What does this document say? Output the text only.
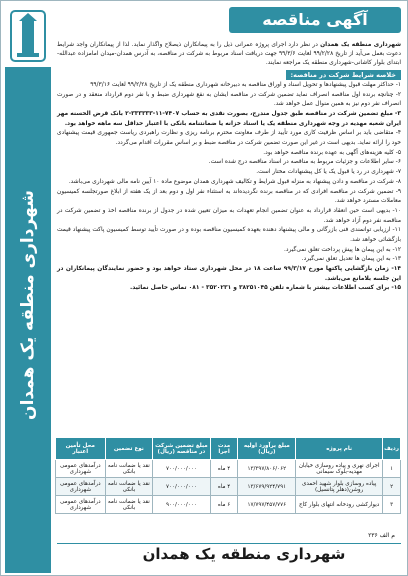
شهرداری منطقه یک همدان
آگهی مناقصه

شهرداری منطقه یک همدان در نظر دارد اجرای پروژه عمرانی ذیل را به پیمانکاران ذیصلاح واگذار نماید. لذا از پیمانکاران واجد شرایط دعوت بعمل می‌آید از تاریخ ۹۹/۲/۲۸ لغایت ۹۹/۳/۶ جهت دریافت اسناد مربوط به شرکت در مناقصه، به آدرس همدان-میدان امامزاده عبدالله-ابتدای بلوار کاشانی-شهرداری منطقه یک مراجعه نمایند.

خلاصه شرایط شرکت در مناقصه:

۱- حداکثر مهلت قبول پیشنهادها و تحویل اسناد و اوراق مناقصه به دبیرخانه شهرداری منطقه یک از تاریخ ۹۹/۲/۲۸ لغایت ۹۹/۳/۱۶

۲- چنانچه برنده اول مناقصه انصراف نماید تضمین شرکت در مناقصه ایشان به نفع شهرداری ضبط و با نفر دوم قرارداد منعقد و در صورت انصراف نفر دوم نیز به همین منوال عمل خواهد شد.

۳- مبلغ تضمین شرکت در مناقصه طبق جدول مندرج، بصورت نقدی به حساب ۷۴۰۷-۱۱-۳۳۳۳۳۳-۲ بانک قرض الحسنه مهر ایران شعبه مهدیه در وجه شهرداری منطقه یک یا اسناد خزانه یا ضمانتنامه بانکی با اعتبار حداقل سه ماهه خواهد بود.

۴- متقاضی باید بر اساس ظرفیت کاری مورد تأیید از طرف معاونت محترم برنامه ریزی و نظارت راهبردی ریاست جمهوری قیمت پیشنهادی خود را ارائه نماید. بدیهی است در غیر این صورت تضمین شرکت در مناقصه ضبط و بر اساس مقررات اقدام می‌گردد.

۵- کلیه هزینه‌های آگهی به عهده برنده مناقصه خواهد بود.

۶- سایر اطلاعات و جزئیات مربوط به مناقصه در اسناد مناقصه درج شده است.

۷- شهرداری در رد یا قبول یک یا کل پیشنهادات مختار است.

۸- شرکت در مناقصه و دادن پیشنهاد به منزله قبول شرایط و تکالیف شهرداری همدان موضوع ماده ۱۰ آیین نامه مالی شهرداری می‌باشد.

۹- تضمین شرکت در مناقصه افرادی که در مناقصه برنده نگردیده‌اند به استثناء نفر اول و دوم بعد از یک هفته از ابلاغ صورتجلسه کمیسیون معاملات مسترد خواهد شد.

۱۰- بدیهی است حین انعقاد قرارداد به عنوان تضمین انجام تعهدات به میزان تعیین شده در جدول از برنده مناقصه اخذ و تضمین شرکت در مناقصه نفر دوم آزاد خواهد شد.

۱۱- ارزیابی توانمندی فنی بازرگانی و مالی پیشنهاد دهنده بعهده کمیسیون مناقصه بوده و در صورت تأیید توسط کمیسیون پاکت پیشنهاد قیمت بازگشائی خواهد شد.

۱۲- به این پیمان ها پیش پرداخت تعلق نمی‌گیرد.

۱۳- به این پیمان ها تعدیل تعلق نمی‌گیرد.

۱۴- زمان بازگشایی پاکتها مورخ ۹۹/۳/۱۷ ساعت ۱۸ در محل شهرداری ستاد خواهد بود و حضور نمایندگان پیمانکاران در این جلسه بلامانع می‌باشد.

۱۵- برای کسب اطلاعات بیشتر با شماره تلفن ۳۸۲۵۱۰۴۵ و ۳۵۲۰۲۳۱ - ۰۸۱ تماس حاصل نمائید.

ردیف	نام پروژه	مبلغ برآورد اولیه (ریال)	مدت اجرا	مبلغ تضمین شرکت در مناقصه (ریال)	نوع تضمین	محل تأمین اعتبار
۱	اجرای نهری و پیاده روسازی خیابان مهدیه-بلوک سیمانی	۱۳/۳۹۷/۸۰۶/۰۶۲	۴ ماه	۷۰۰/۰۰۰/۰۰۰	نقد یا ضمانت نامه بانکی	درآمدهای عمومی شهرداری
۲	پیاده روسازی بلوار شهید احمدی روشن(دهلر پتانسیل)	۱۳/۶۷۹/۹۲۴/۷۹۱	۴ ماه	۷۰۰/۰۰۰/۰۰۰	نقد یا ضمانت نامه بانکی	درآمدهای عمومی شهرداری
۳	دیوارکشی رودخانه انتهای بلوار کاج	۱۷/۷۹۷/۴۵۷/۷۷۶	۶ ماه	۹۰۰/۰۰۰/۰۰۰	نقد یا ضمانت نامه بانکی	درآمدهای عمومی شهرداری
م الف ۲۳۶
شهرداری منطقه یک همدان
